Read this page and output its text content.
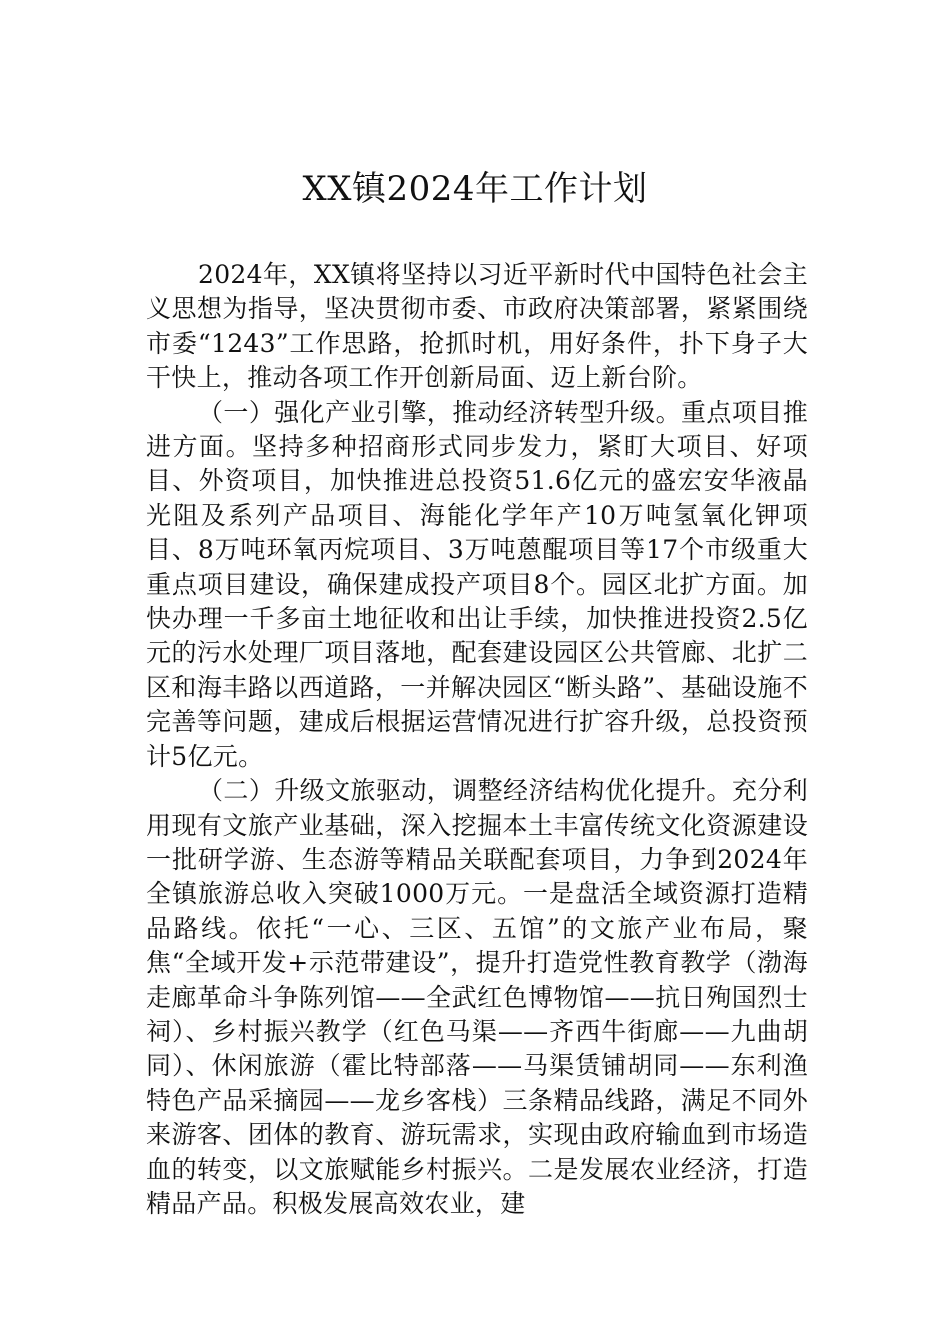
XX镇2024年工作计划

2024年，XX镇将坚持以习近平新时代中国特色社会主义思想为指导，坚决贯彻市委、市政府决策部署，紧紧围绕市委“1243”工作思路，抢抓时机，用好条件，扑下身子大干快上，推动各项工作开创新局面、迈上新台阶。

（一）强化产业引擎，推动经济转型升级。重点项目推进方面。坚持多种招商形式同步发力，紧盯大项目、好项目、外资项目，加快推进总投资51.6亿元的盛宏安华液晶光阻及系列产品项目、海能化学年产10万吨氢氧化钾项目、8万吨环氧丙烷项目、3万吨蒽醌项目等17个市级重大重点项目建设，确保建成投产项目8个。园区北扩方面。加快办理一千多亩土地征收和出让手续，加快推进投资2.5亿元的污水处理厂项目落地，配套建设园区公共管廊、北扩二区和海丰路以西道路，一并解决园区“断头路”、基础设施不完善等问题，建成后根据运营情况进行扩容升级，总投资预计5亿元。

（二）升级文旅驱动，调整经济结构优化提升。充分利用现有文旅产业基础，深入挖掘本土丰富传统文化资源建设一批研学游、生态游等精品关联配套项目，力争到2024年全镇旅游总收入突破1000万元。一是盘活全域资源打造精品路线。依托“一心、三区、五馆”的文旅产业布局，聚焦“全域开发+示范带建设”，提升打造党性教育教学（渤海走廊革命斗争陈列馆——全武红色博物馆——抗日殉国烈士祠）、乡村振兴教学（红色马渠——齐西牛街廊——九曲胡同）、休闲旅游（霍比特部落——马渠赁铺胡同——东利渔特色产品采摘园——龙乡客栈）三条精品线路，满足不同外来游客、团体的教育、游玩需求，实现由政府输血到市场造血的转变，以文旅赋能乡村振兴。二是发展农业经济，打造精品产品。积极发展高效农业，建
